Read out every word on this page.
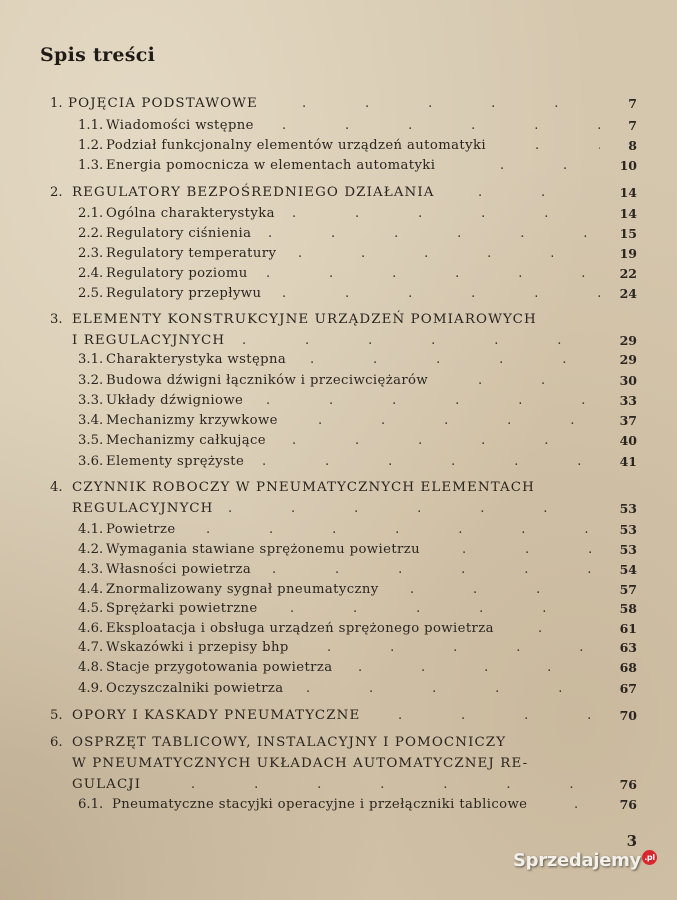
Spis treści
1. POJĘCIA PODSTAWOWE .	7
1.1. Wiadomości wstępne .	7
1.2. Podział funkcjonalny elementów urządzeń automatyki .	8
1.3. Energia pomocnicza w elementach automatyki .	10
2. REGULATORY BEZPOŚREDNIEGO DZIAŁANIA .	14
2.1. Ogólna charakterystyka .	14
2.2. Regulatory ciśnienia .	15
2.3. Regulatory temperatury .	19
2.4. Regulatory poziomu .	22
2.5. Regulatory przepływu .	24
3. ELEMENTY KONSTRUKCYJNE URZĄDZEŃ POMIAROWYCH
I REGULACYJNYCH .	29
3.1. Charakterystyka wstępna .	29
3.2. Budowa dźwigni łączników i przeciwciężarów .	30
3.3. Układy dźwigniowe .	33
3.4. Mechanizmy krzywkowe .	37
3.5. Mechanizmy całkujące .	40
3.6. Elementy sprężyste .	41
4. CZYNNIK ROBOCZY W PNEUMATYCZNYCH ELEMENTACH
REGULACYJNYCH .	53
4.1. Powietrze .	53
4.2. Wymagania stawiane sprężonemu powietrzu .	53
4.3. Własności powietrza .	54
4.4. Znormalizowany sygnał pneumatyczny .	57
4.5. Sprężarki powietrzne .	58
4.6. Eksploatacja i obsługa urządzeń sprężonego powietrza .	61
4.7. Wskazówki i przepisy bhp .	63
4.8. Stacje przygotowania powietrza .	68
4.9. Oczyszczalniki powietrza .	67
5. OPORY I KASKADY PNEUMATYCZNE .	70
6. OSPRZĘT TABLICOWY, INSTALACYJNY I POMOCNICZY
W PNEUMATYCZNYCH UKŁADACH AUTOMATYCZNEJ RE-
GULACJI .	76
6.1. Pneumatyczne stacyjki operacyjne i przełączniki tablicowe .	76
3
Sprzedajemy .pl
